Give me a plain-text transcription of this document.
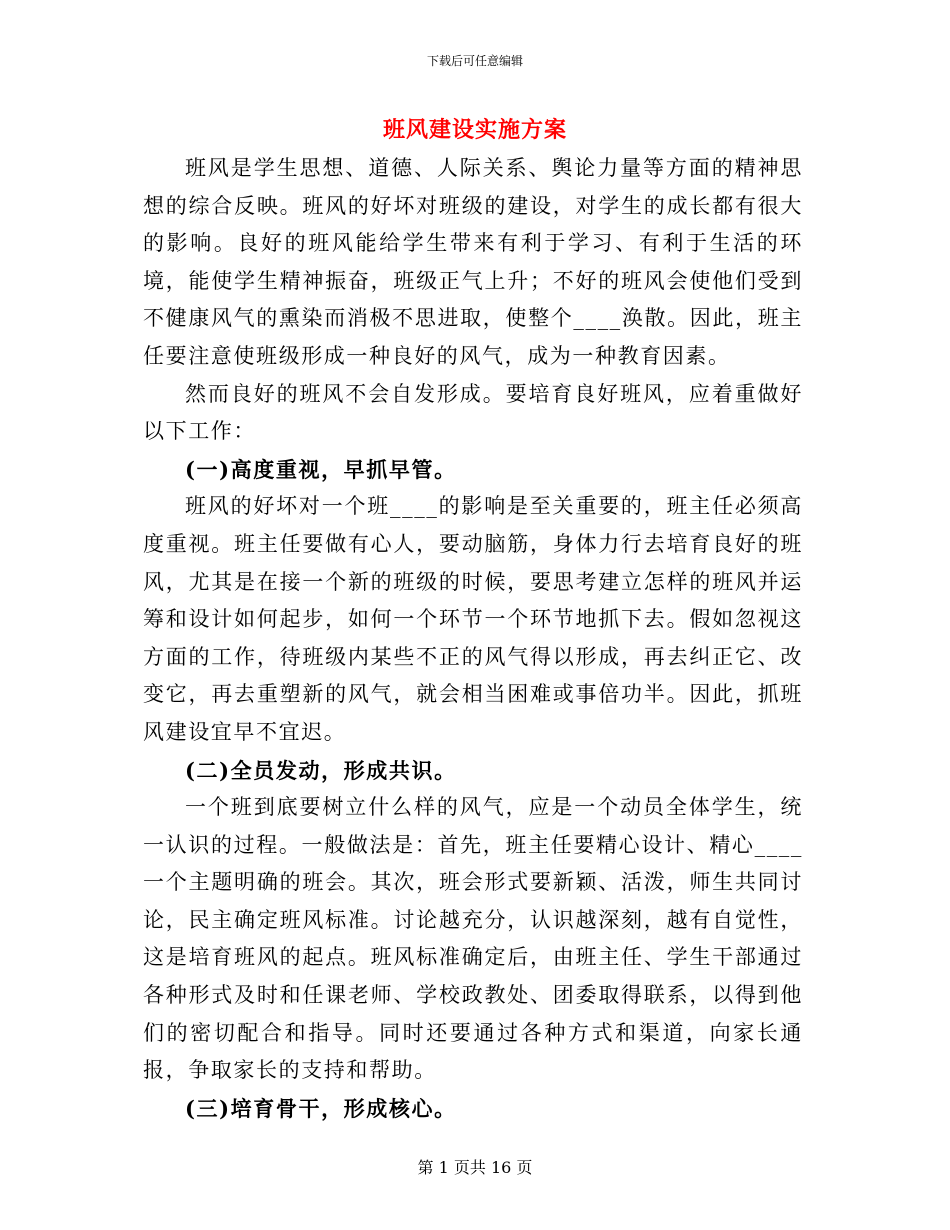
下载后可任意编辑
班风建设实施方案

班风是学生思想、道德、人际关系、舆论力量等方面的精神思想的综合反映。班风的好坏对班级的建设，对学生的成长都有很大的影响。良好的班风能给学生带来有利于学习、有利于生活的环境，能使学生精神振奋，班级正气上升；不好的班风会使他们受到不健康风气的熏染而消极不思进取，使整个____涣散。因此，班主任要注意使班级形成一种良好的风气，成为一种教育因素。

然而良好的班风不会自发形成。要培育良好班风，应着重做好以下工作：

(一)高度重视，早抓早管。

班风的好坏对一个班____的影响是至关重要的，班主任必须高度重视。班主任要做有心人，要动脑筋，身体力行去培育良好的班风，尤其是在接一个新的班级的时候，要思考建立怎样的班风并运筹和设计如何起步，如何一个环节一个环节地抓下去。假如忽视这方面的工作，待班级内某些不正的风气得以形成，再去纠正它、改变它，再去重塑新的风气，就会相当困难或事倍功半。因此，抓班风建设宜早不宜迟。

(二)全员发动，形成共识。

一个班到底要树立什么样的风气，应是一个动员全体学生，统一认识的过程。一般做法是：首先，班主任要精心设计、精心____一个主题明确的班会。其次，班会形式要新颖、活泼，师生共同讨论，民主确定班风标准。讨论越充分，认识越深刻，越有自觉性，这是培育班风的起点。班风标准确定后，由班主任、学生干部通过各种形式及时和任课老师、学校政教处、团委取得联系，以得到他们的密切配合和指导。同时还要通过各种方式和渠道，向家长通报，争取家长的支持和帮助。

(三)培育骨干，形成核心。

第 1 页共 16 页
